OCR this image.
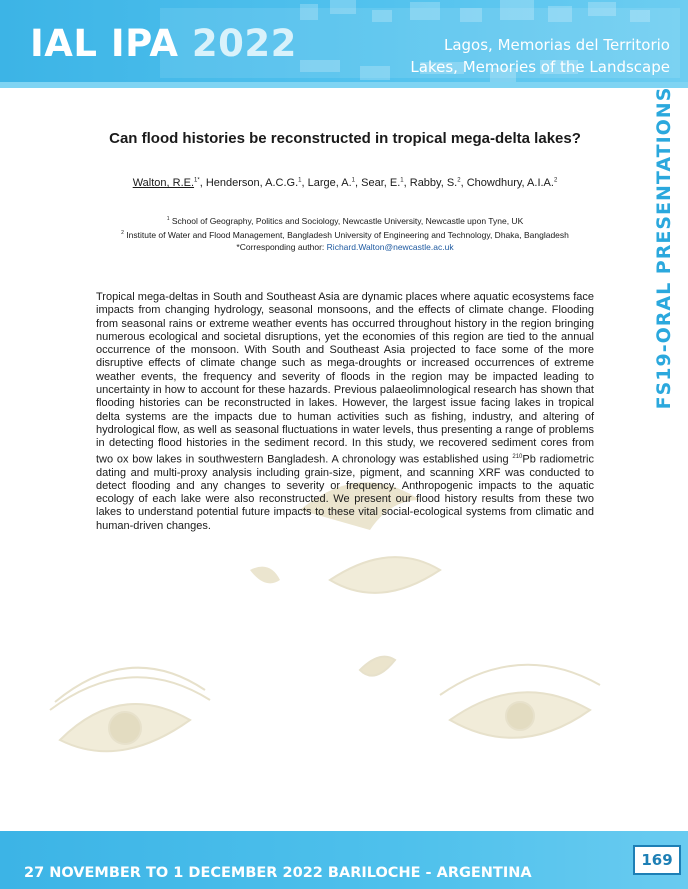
IAL IPA 2022	Lagos, Memorias del Territorio
Lakes, Memories of the Landscape
FS19-ORAL PRESENTATIONS
Can flood histories be reconstructed in tropical mega-delta lakes?
Walton, R.E.$^{1*}$, Henderson, A.C.G.$^1$, Large, A.$^1$, Sear, E.$^1$, Rabby, S.$^2$, Chowdhury, A.I.A.$^2$
$^1$ School of Geography, Politics and Sociology, Newcastle University, Newcastle upon Tyne, UK
$^2$ Institute of Water and Flood Management, Bangladesh University of Engineering and Technology, Dhaka, Bangladesh
*Corresponding author: Richard.Walton@newcastle.ac.uk

Tropical mega-deltas in South and Southeast Asia are dynamic places where aquatic ecosystems face impacts from changing hydrology, seasonal monsoons, and the effects of climate change. Flooding from seasonal rains or extreme weather events has occurred throughout history in the region bringing numerous ecological and societal disruptions, yet the economies of this region are tied to the annual occurrence of the monsoon. With South and Southeast Asia projected to face some of the more disruptive effects of climate change such as mega-droughts or increased occurrences of extreme weather events, the frequency and severity of floods in the region may be impacted leading to uncertainty in how to account for these hazards. Previous palaeolimnological research has shown that flooding histories can be reconstructed in lakes. However, the largest issue facing lakes in tropical delta systems are the impacts due to human activities such as fishing, industry, and altering of hydrological flow, as well as seasonal fluctuations in water levels, thus presenting a range of problems in detecting flood histories in the sediment record. In this study, we recovered sediment cores from two ox bow lakes in southwestern Bangladesh. A chronology was established using $^{210}$Pb radiometric dating and multi-proxy analysis including grain-size, pigment, and scanning XRF was conducted to detect flooding and any changes to severity or frequency. Anthropogenic impacts to the aquatic ecology of each lake were also reconstructed. We present our flood history results from these two lakes to understand potential future impacts to these vital social-ecological systems from climatic and human-driven changes.

27 NOVEMBER TO 1 DECEMBER 2022 BARILOCHE - ARGENTINA
169
